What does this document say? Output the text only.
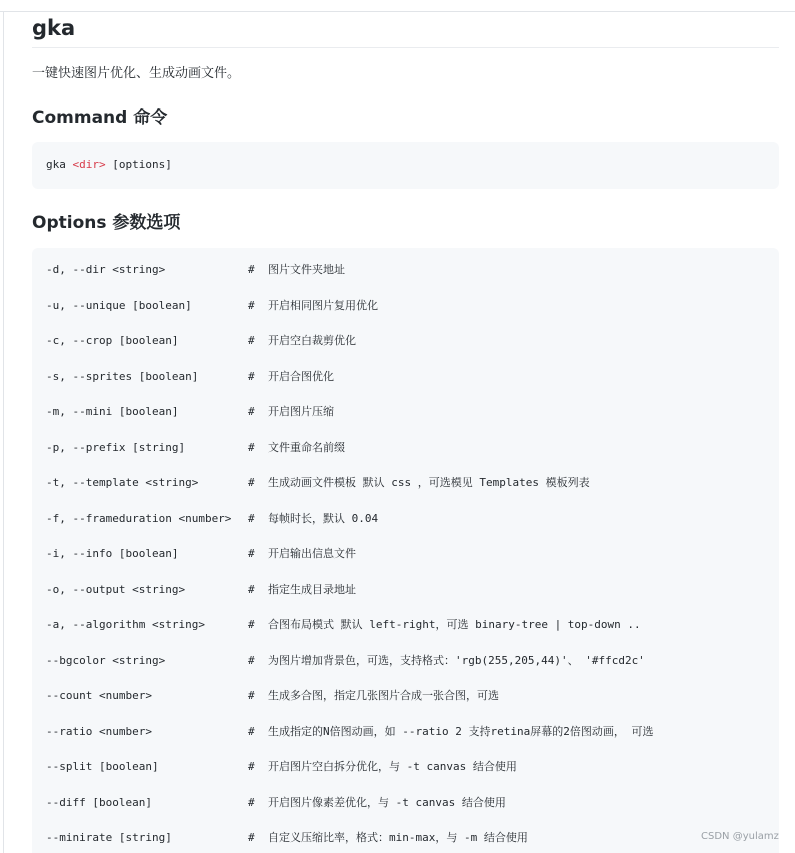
gka
一键快速图片优化、生成动画文件。
Command 命令
gka <dir> [options]
Options 参数选项
-d, --dir <string>	# 图片文件夹地址
-u, --unique [boolean]	# 开启相同图片复用优化
-c, --crop [boolean]	# 开启空白裁剪优化
-s, --sprites [boolean]	# 开启合图优化
-m, --mini [boolean]	# 开启图片压缩
-p, --prefix [string]	# 文件重命名前缀
-t, --template <string>	# 生成动画文件模板 默认 css ，可选模见 Templates 模板列表
-f, --frameduration <number> # 每帧时长，默认 0.04
-i, --info [boolean]	# 开启输出信息文件
-o, --output <string>	# 指定生成目录地址
-a, --algorithm <string>	# 合图布局模式 默认 left-right，可选 binary-tree | top-down ..
--bgcolor <string>	# 为图片增加背景色，可选，支持格式：'rgb(255,205,44)'、 '#ffcd2c'
--count <number>	# 生成多合图，指定几张图片合成一张合图，可选
--ratio <number>	# 生成指定的N倍图动画，如 --ratio 2 支持retina屏幕的2倍图动画， 可选
--split [boolean]	# 开启图片空白拆分优化，与 -t canvas 结合使用
--diff [boolean]	# 开启图片像素差优化，与 -t canvas 结合使用
--minirate [string]	# 自定义压缩比率，格式：min-max，与 -m 结合使用	CSDN @yulamz
